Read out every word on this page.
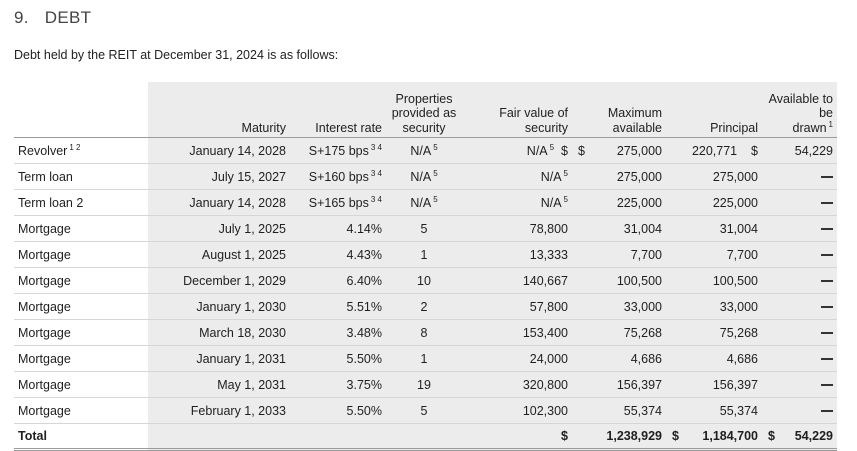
9. DEBT
Debt held by the REIT at December 31, 2024 is as follows:
	Maturity	Interest rate	Properties
provided as
security	Fair value of
security	Maximum
available	Principal	Available to be
drawn $^1$
Revolver $^{1 2}$	January 14, 2028	S+175 bps $^{3 4}$	N/A $^5$	N/A $^5$ $	$ 275,000	220,771 $	54,229
Term loan	July 15, 2027	S+160 bps $^{3 4}$	N/A $^5$	N/A $^5$	275,000	275,000	
Term loan 2	January 14, 2028	S+165 bps $^{3 4}$	N/A $^5$	N/A $^5$	225,000	225,000	
Mortgage	July 1, 2025	4.14%	5	78,800	31,004	31,004	
Mortgage	August 1, 2025	4.43%	1	13,333	7,700	7,700	
Mortgage	December 1, 2029	6.40%	10	140,667	100,500	100,500	
Mortgage	January 1, 2030	5.51%	2	57,800	33,000	33,000	
Mortgage	March 18, 2030	3.48%	8	153,400	75,268	75,268	
Mortgage	January 1, 2031	5.50%	1	24,000	4,686	4,686	
Mortgage	May 1, 2031	3.75%	19	320,800	156,397	156,397	
Mortgage	February 1, 2033	5.50%	5	102,300	55,374	55,374	
Total				$	1,238,929	$ 1,184,700	$ 54,229
